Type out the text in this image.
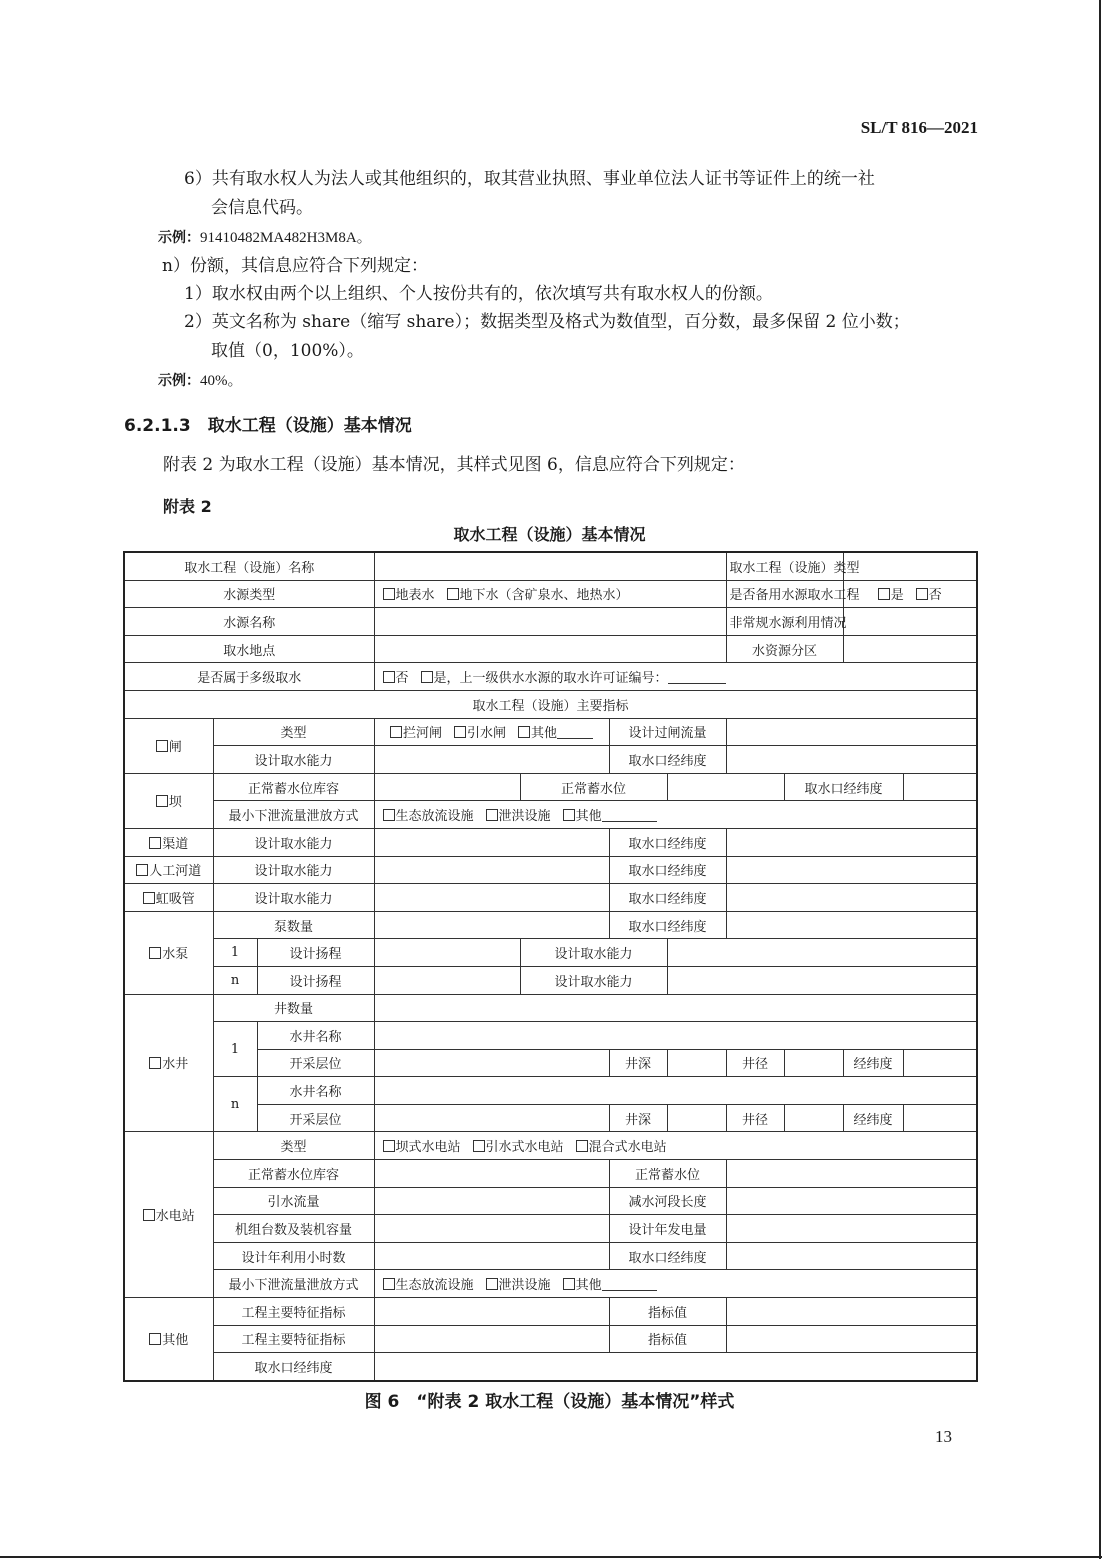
SL/T 816—2021
6）共有取水权人为法人或其他组织的，取其营业执照、事业单位法人证书等证件上的统一社
会信息代码。
示例：91410482MA482H3M8A。
n）份额，其信息应符合下列规定：
1）取水权由两个以上组织、个人按份共有的，依次填写共有取水权人的份额。
2）英文名称为 share（缩写 share）；数据类型及格式为数值型，百分数，最多保留 2 位小数；
取值（0，100%）。
示例：40%。
6.2.1.3　取水工程（设施）基本情况
附表 2 为取水工程（设施）基本情况，其样式见图 6，信息应符合下列规定：
附表 2
取水工程（设施）基本情况
取水工程（设施）名称							取水工程（设施）类型			
水源类型			地表水 地下水（含矿泉水、地热水）				是否备用水源取水工程		是 否	
水源名称							非常规水源利用情况			
取水地点							水资源分区			
是否属于多级取水			否 是，上一级供水水源的取水许可证编号：							
取水工程（设施）主要指标										
闸	类型		拦河闸 引水闸 其他		设计过闸流量					
	设计取水能力				取水口经纬度					
坝	正常蓄水位库容			正常蓄水位				取水口经纬度		
	最小下泄流量泄放方式		生态放流设施 泄洪设施 其他							
渠道	设计取水能力				取水口经纬度					
人工河道	设计取水能力				取水口经纬度					
虹吸管	设计取水能力				取水口经纬度					
水泵	泵数量				取水口经纬度					
	1	设计扬程		设计取水能力						
	n	设计扬程		设计取水能力						
水井	井数量									
	1	水井名称								
		开采层位			井深		井径		经纬度	
	n	水井名称								
		开采层位			井深		井径		经纬度	
水电站	类型		坝式水电站 引水式水电站 混合式水电站							
	正常蓄水位库容				正常蓄水位					
	引水流量				减水河段长度					
	机组台数及装机容量				设计年发电量					
	设计年利用小时数				取水口经纬度					
	最小下泄流量泄放方式		生态放流设施 泄洪设施 其他							
其他	工程主要特征指标				指标值					
	工程主要特征指标				指标值					
	取水口经纬度									
图 6　“附表 2 取水工程（设施）基本情况”样式
13
